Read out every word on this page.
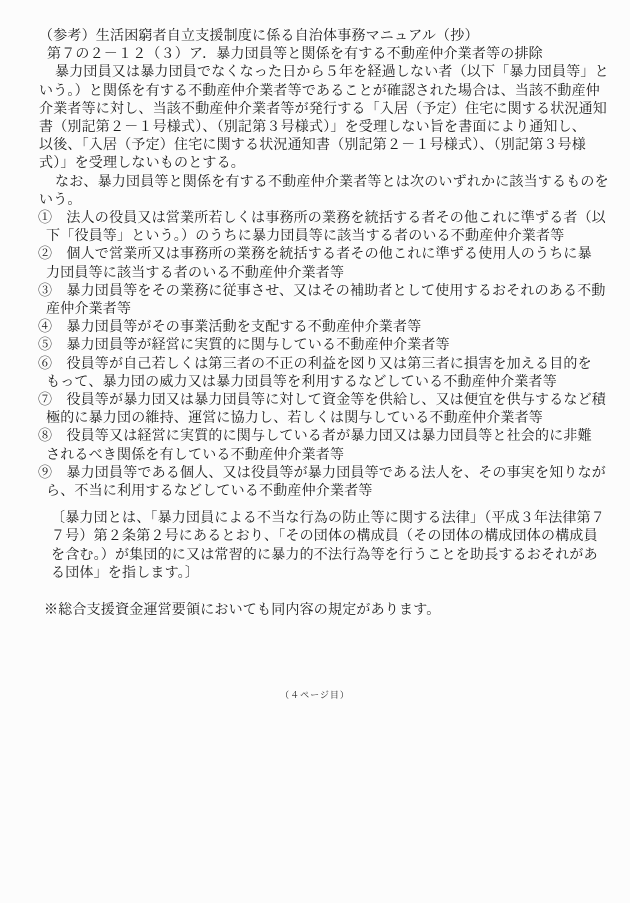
（参考）生活困窮者自立支援制度に係る自治体事務マニュアル（抄）
第７の２－１２（３）ア．暴力団員等と関係を有する不動産仲介業者等の排除
暴力団員又は暴力団員でなくなった日から５年を経過しない者（以下「暴力団員等」と
いう。）と関係を有する不動産仲介業者等であることが確認された場合は、当該不動産仲
介業者等に対し、当該不動産仲介業者等が発行する「入居（予定）住宅に関する状況通知
書（別記第２－１号様式）、（別記第３号様式）」を受理しない旨を書面により通知し、
以後、「入居（予定）住宅に関する状況通知書（別記第２－１号様式）、（別記第３号様
式）」を受理しないものとする。
なお、暴力団員等と関係を有する不動産仲介業者等とは次のいずれかに該当するものを
いう。
①　法人の役員又は営業所若しくは事務所の業務を統括する者その他これに準ずる者（以
下「役員等」という。）のうちに暴力団員等に該当する者のいる不動産仲介業者等
②　個人で営業所又は事務所の業務を統括する者その他これに準ずる使用人のうちに暴
力団員等に該当する者のいる不動産仲介業者等
③　暴力団員等をその業務に従事させ、又はその補助者として使用するおそれのある不動
産仲介業者等
④　暴力団員等がその事業活動を支配する不動産仲介業者等
⑤　暴力団員等が経営に実質的に関与している不動産仲介業者等
⑥　役員等が自己若しくは第三者の不正の利益を図り又は第三者に損害を加える目的を
もって、暴力団の威力又は暴力団員等を利用するなどしている不動産仲介業者等
⑦　役員等が暴力団又は暴力団員等に対して資金等を供給し、又は便宜を供与するなど積
極的に暴力団の維持、運営に協力し、若しくは関与している不動産仲介業者等
⑧　役員等又は経営に実質的に関与している者が暴力団又は暴力団員等と社会的に非難
されるべき関係を有している不動産仲介業者等
⑨　暴力団員等である個人、又は役員等が暴力団員等である法人を、その事実を知りなが
ら、不当に利用するなどしている不動産仲介業者等
〔暴力団とは、「暴力団員による不当な行為の防止等に関する法律」（平成３年法律第７
７号）第２条第２号にあるとおり、「その団体の構成員（その団体の構成団体の構成員
を含む。）が集団的に又は常習的に暴力的不法行為等を行うことを助長するおそれがあ
る団体」を指します。〕
※総合支援資金運営要領においても同内容の規定があります。
（４ページ目）
